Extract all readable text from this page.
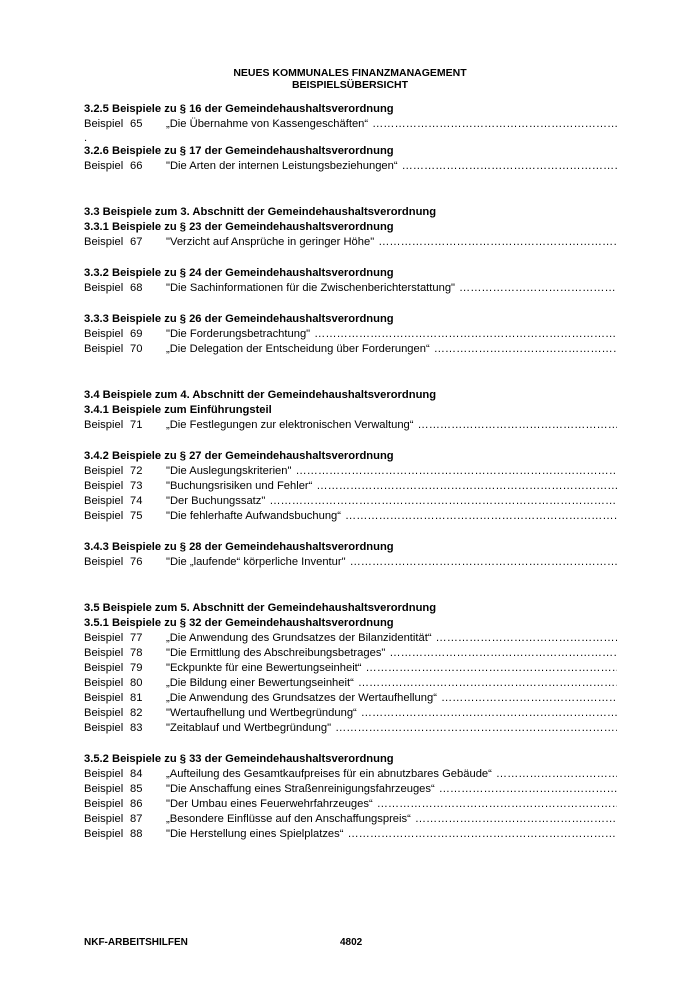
NEUES KOMMUNALES FINANZMANAGEMENT
BEISPIELSÜBERSICHT
3.2.5 Beispiele zu § 16 der Gemeindehaushaltsverordnung
Beispiel 65	„Die Übernahme von Kassengeschäften“
……………………………………………………………………………………………………………………………………………………
.
3.2.6 Beispiele zu § 17 der Gemeindehaushaltsverordnung
Beispiel 66	"Die Arten der internen Leistungsbeziehungen“
……………………………………………………………………………………………………………………………………………………
3.3 Beispiele zum 3. Abschnitt der Gemeindehaushaltsverordnung
3.3.1 Beispiele zu § 23 der Gemeindehaushaltsverordnung
Beispiel 67	"Verzicht auf Ansprüche in geringer Höhe"
……………………………………………………………………………………………………………………………………………………
3.3.2 Beispiele zu § 24 der Gemeindehaushaltsverordnung
Beispiel 68	"Die Sachinformationen für die Zwischenberichterstattung"
……………………………………………………………………………………………………………………………………………………
3.3.3 Beispiele zu § 26 der Gemeindehaushaltsverordnung
Beispiel 69	"Die Forderungsbetrachtung"
……………………………………………………………………………………………………………………………………………………
Beispiel 70	„Die Delegation der Entscheidung über Forderungen“
……………………………………………………………………………………………………………………………………………………
3.4 Beispiele zum 4. Abschnitt der Gemeindehaushaltsverordnung
3.4.1 Beispiele zum Einführungsteil
Beispiel 71	„Die Festlegungen zur elektronischen Verwaltung“
……………………………………………………………………………………………………………………………………………………
3.4.2 Beispiele zu § 27 der Gemeindehaushaltsverordnung
Beispiel 72	"Die Auslegungskriterien"
……………………………………………………………………………………………………………………………………………………
Beispiel 73	"Buchungsrisiken und Fehler“
……………………………………………………………………………………………………………………………………………………
Beispiel 74	"Der Buchungssatz"
……………………………………………………………………………………………………………………………………………………
Beispiel 75	"Die fehlerhafte Aufwandsbuchung“
……………………………………………………………………………………………………………………………………………………
3.4.3 Beispiele zu § 28 der Gemeindehaushaltsverordnung
Beispiel 76	"Die „laufende“ körperliche Inventur"
……………………………………………………………………………………………………………………………………………………
3.5 Beispiele zum 5. Abschnitt der Gemeindehaushaltsverordnung
3.5.1 Beispiele zu § 32 der Gemeindehaushaltsverordnung
Beispiel 77	„Die Anwendung des Grundsatzes der Bilanzidentität“
……………………………………………………………………………………………………………………………………………………
Beispiel 78	"Die Ermittlung des Abschreibungsbetrages"
……………………………………………………………………………………………………………………………………………………
Beispiel 79	"Eckpunkte für eine Bewertungseinheit“
……………………………………………………………………………………………………………………………………………………
Beispiel 80	„Die Bildung einer Bewertungseinheit“
……………………………………………………………………………………………………………………………………………………
Beispiel 81	„Die Anwendung des Grundsatzes der Wertaufhellung“
……………………………………………………………………………………………………………………………………………………
Beispiel 82	"Wertaufhellung und Wertbegründung“
……………………………………………………………………………………………………………………………………………………
Beispiel 83	"Zeitablauf und Wertbegründung"
……………………………………………………………………………………………………………………………………………………
3.5.2 Beispiele zu § 33 der Gemeindehaushaltsverordnung
Beispiel 84	„Aufteilung des Gesamtkaufpreises für ein abnutzbares Gebäude“
……………………………………………………………………………………………………………………………………………………
Beispiel 85	"Die Anschaffung eines Straßenreinigungsfahrzeuges“
……………………………………………………………………………………………………………………………………………………
Beispiel 86	"Der Umbau eines Feuerwehrfahrzeuges“
……………………………………………………………………………………………………………………………………………………
Beispiel 87	„Besondere Einflüsse auf den Anschaffungspreis“
……………………………………………………………………………………………………………………………………………………
Beispiel 88	"Die Herstellung eines Spielplatzes“
……………………………………………………………………………………………………………………………………………………
NKF-ARBEITSHILFEN	4802
